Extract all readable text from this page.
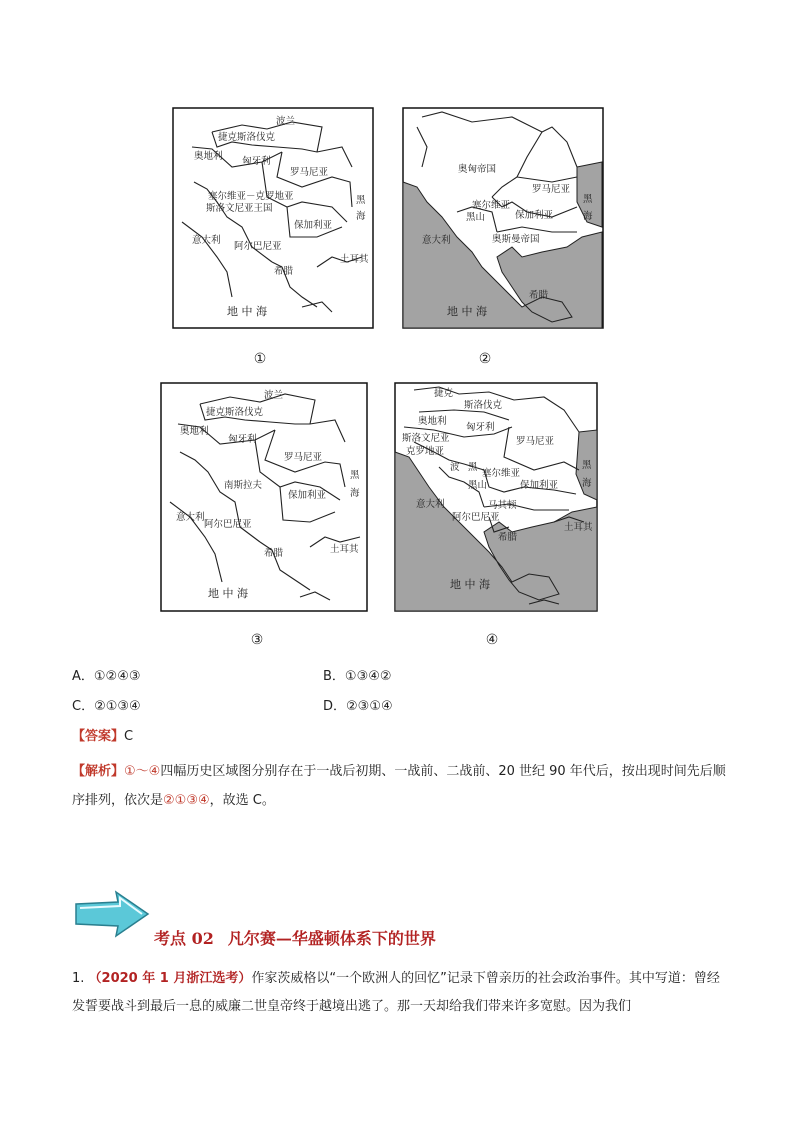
波兰
捷克斯洛伐克
奥地利 匈牙利
罗马尼亚
塞尔维亚－克罗地亚
斯洛文尼亚王国
黑
海
保加利亚
意大利
阿尔巴尼亚
希腊
土耳其
地 中 海
奥匈帝国
罗马尼亚
黑
海
塞尔维亚
黑山	保加利亚
意大利	奥斯曼帝国
希腊
地 中 海
①	②
波兰
捷克斯洛伐克
奥地利
匈牙利
罗马尼亚
黑
海
南斯拉夫
保加利亚
意大利
阿尔巴尼亚
希腊	土耳其
地 中 海
捷克
斯洛伐克
奥地利
匈牙利
斯洛文尼亚
克罗地亚
罗马尼亚
波 黑
塞尔维亚
黑山	保加利亚
黑
海
意大利	马其顿
阿尔巴尼亚
土耳其
希腊
地 中 海
③	④
A．①②④③	B．①③④②
C．②①③④	D．②③①④
【答案】C
【解析】①～④四幅历史区域图分别存在于一战后初期、一战前、二战前、20 世纪 90 年代后，按出现时间先后顺序排列，依次是②①③④，故选 C。
考点 02 凡尔赛—华盛顿体系下的世界
1. （2020 年 1 月浙江选考）作家茨威格以“一个欧洲人的回忆”记录下曾亲历的社会政治事件。其中写道：曾经发誓要战斗到最后一息的威廉二世皇帝终于越境出逃了。那一天却给我们带来许多宽慰。因为我们
